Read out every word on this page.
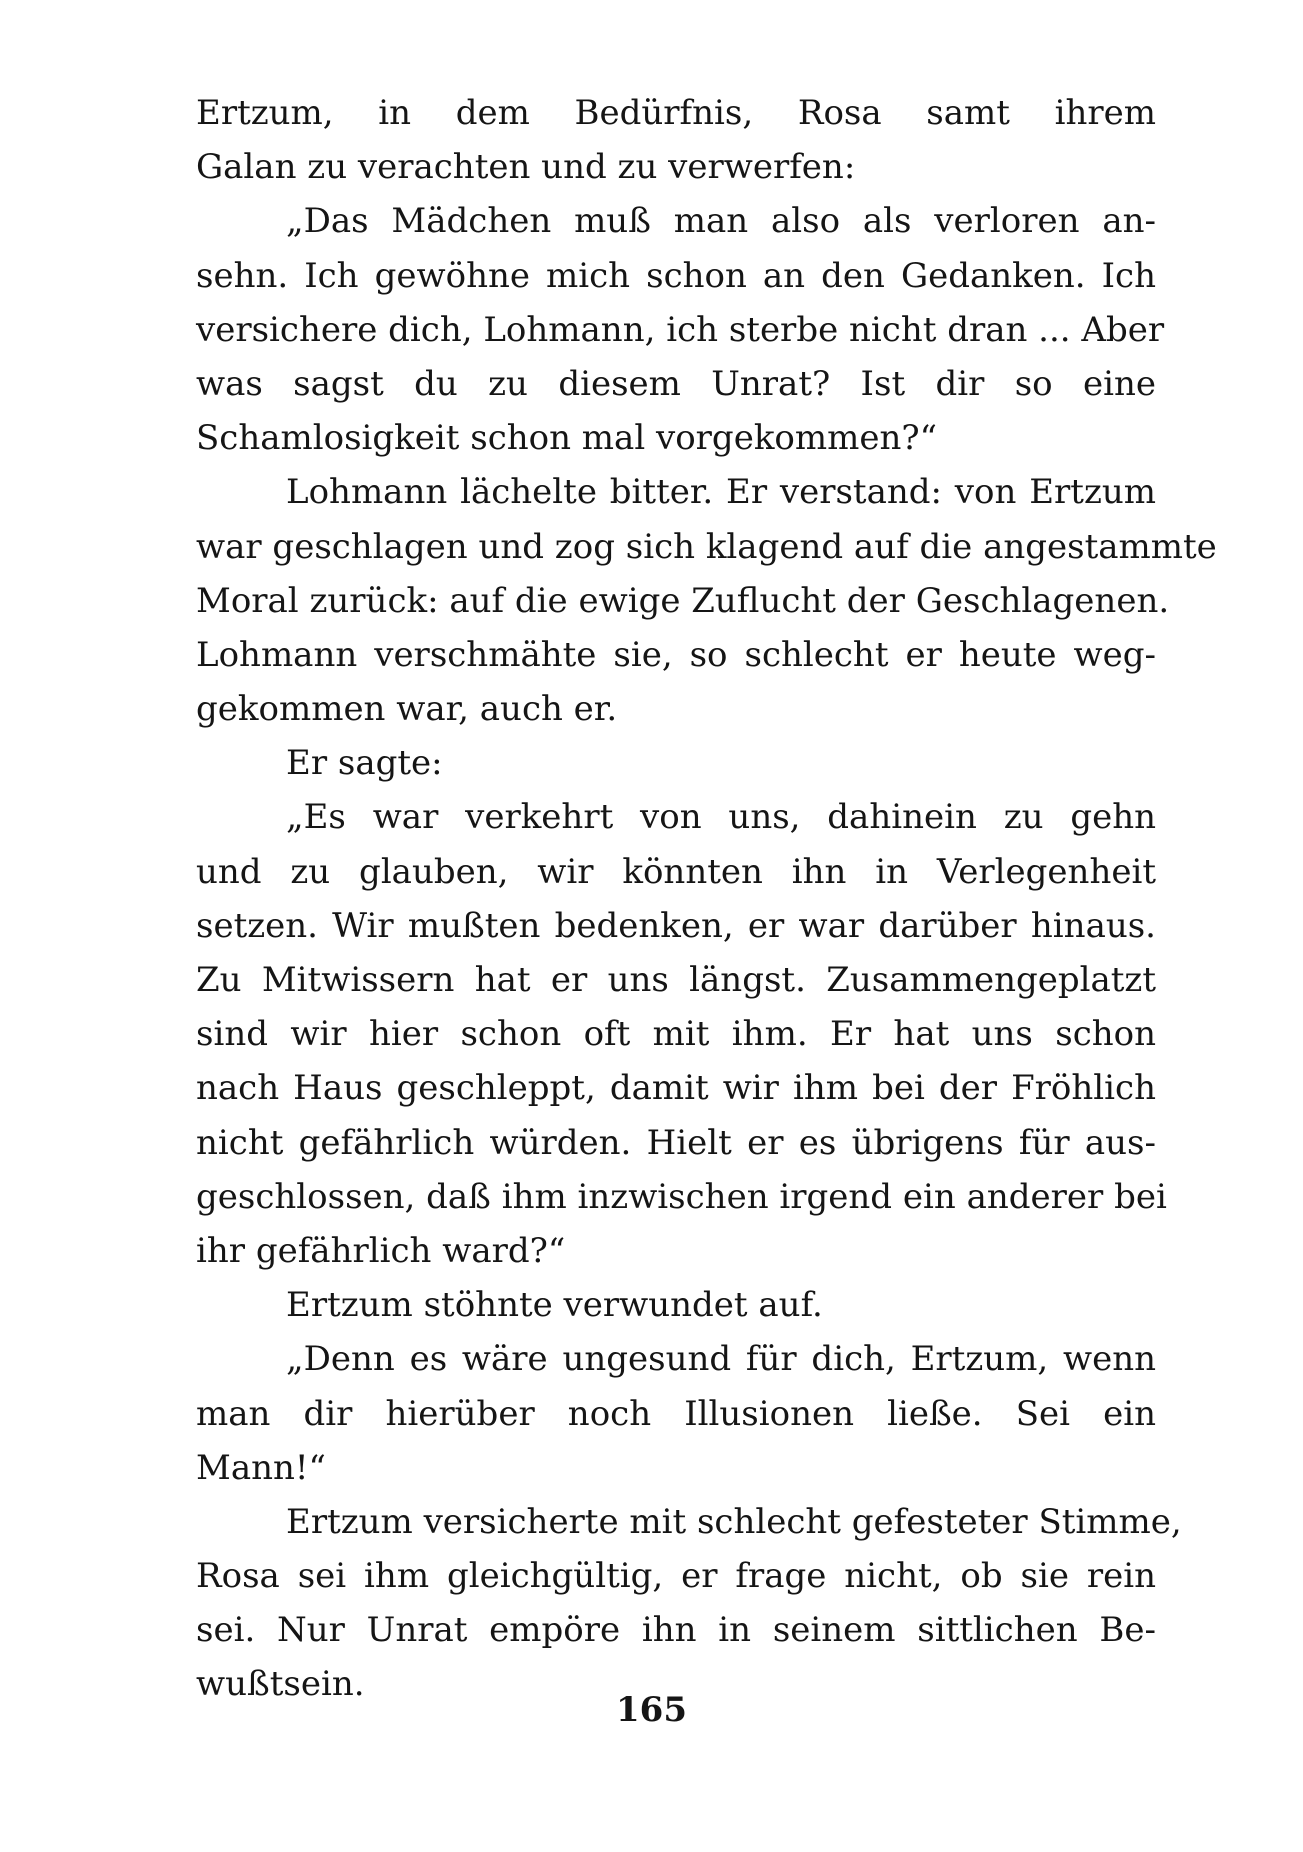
Ertzum, in dem Bedürfnis, Rosa samt ihrem
Galan zu verachten und zu verwerfen:
„Das Mädchen muß man also als verloren an-
sehn. Ich gewöhne mich schon an den Gedanken. Ich
versichere dich, Lohmann, ich sterbe nicht dran ... Aber
was sagst du zu diesem Unrat? Ist dir so eine
Schamlosigkeit schon mal vorgekommen?“
Lohmann lächelte bitter. Er verstand: von Ertzum
war geschlagen und zog sich klagend auf die angestammte
Moral zurück: auf die ewige Zuflucht der Geschlagenen.
Lohmann verschmähte sie, so schlecht er heute weg-
gekommen war, auch er.
Er sagte:
„Es war verkehrt von uns, dahinein zu gehn
und zu glauben, wir könnten ihn in Verlegenheit
setzen. Wir mußten bedenken, er war darüber hinaus.
Zu Mitwissern hat er uns längst. Zusammengeplatzt
sind wir hier schon oft mit ihm. Er hat uns schon
nach Haus geschleppt, damit wir ihm bei der Fröhlich
nicht gefährlich würden. Hielt er es übrigens für aus-
geschlossen, daß ihm inzwischen irgend ein anderer bei
ihr gefährlich ward?“
Ertzum stöhnte verwundet auf.
„Denn es wäre ungesund für dich, Ertzum, wenn
man dir hierüber noch Illusionen ließe. Sei ein
Mann!“
Ertzum versicherte mit schlecht gefesteter Stimme,
Rosa sei ihm gleichgültig, er frage nicht, ob sie rein
sei. Nur Unrat empöre ihn in seinem sittlichen Be-
wußtsein.
165
